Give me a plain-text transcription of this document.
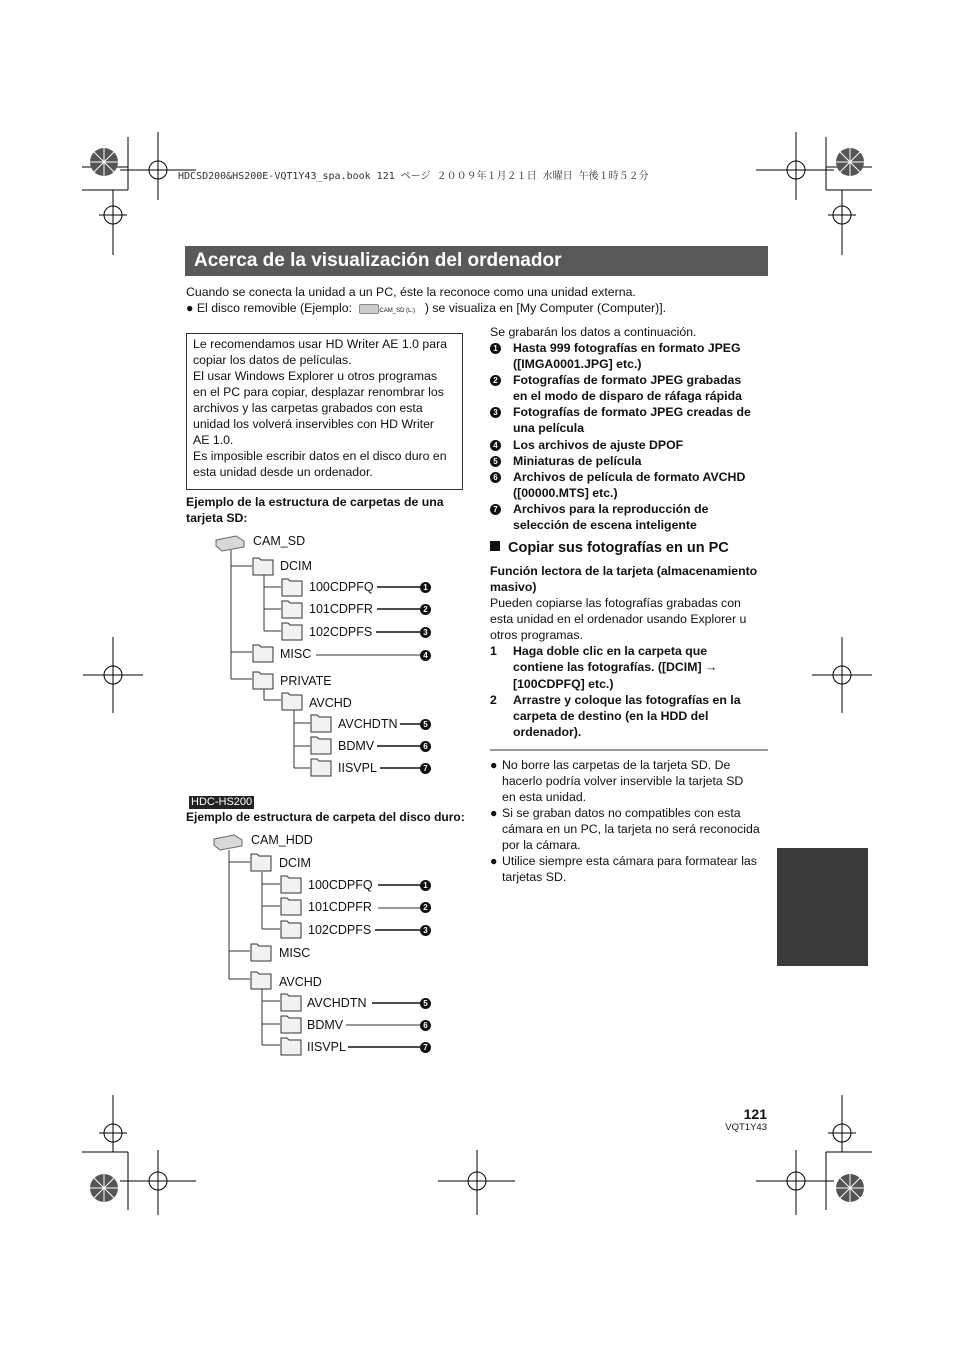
HDCSD200&HS200E-VQT1Y43_spa.book 121 ページ ２００９年１月２１日 水曜日 午後１時５２分
Acerca de la visualización del ordenador
Cuando se conecta la unidad a un PC, éste la reconoce como una unidad externa.
● El disco removible (Ejemplo:	CAM_SD (L:) ) se visualiza en [My Computer (Computer)].
Le recomendamos usar HD Writer AE 1.0 para
copiar los datos de películas.
El usar Windows Explorer u otros programas
en el PC para copiar, desplazar renombrar los
archivos y las carpetas grabados con esta
unidad los volverá inservibles con HD Writer
AE 1.0.
Es imposible escribir datos en el disco duro en
esta unidad desde un ordenador.
Ejemplo de la estructura de carpetas de una
tarjeta SD:
CAM_SD
DCIM
100CDPFQ
101CDPFR
102CDPFS
MISC
PRIVATE
AVCHD
AVCHDTN
BDMV
IISVPL
1
2
3
4
5
6
7
HDC-HS200
Ejemplo de estructura de carpeta del disco duro:
CAM_HDD
DCIM
100CDPFQ
101CDPFR
102CDPFS
MISC
AVCHD
AVCHDTN
BDMV
IISVPL
1
2
3
5
6
7
Se grabarán los datos a continuación.
1 Hasta 999 fotografías en formato JPEG
([IMGA0001.JPG] etc.)
2 Fotografías de formato JPEG grabadas
en el modo de disparo de ráfaga rápida
3 Fotografías de formato JPEG creadas de
una película
4 Los archivos de ajuste DPOF
5 Miniaturas de película
6 Archivos de película de formato AVCHD
([00000.MTS] etc.)
7 Archivos para la reproducción de
selección de escena inteligente
Copiar sus fotografías en un PC
Función lectora de la tarjeta (almacenamiento
masivo)
Pueden copiarse las fotografías grabadas con
esta unidad en el ordenador usando Explorer u
otros programas.
1 Haga doble clic en la carpeta que
contiene las fotografías. ([DCIM] →
[100CDPFQ] etc.)
2 Arrastre y coloque las fotografías en la
carpeta de destino (en la HDD del
ordenador).
● No borre las carpetas de la tarjeta SD. De
hacerlo podría volver inservible la tarjeta SD
en esta unidad.
● Si se graban datos no compatibles con esta
cámara en un PC, la tarjeta no será reconocida
por la cámara.
● Utilice siempre esta cámara para formatear las
tarjetas SD.
121
VQT1Y43
